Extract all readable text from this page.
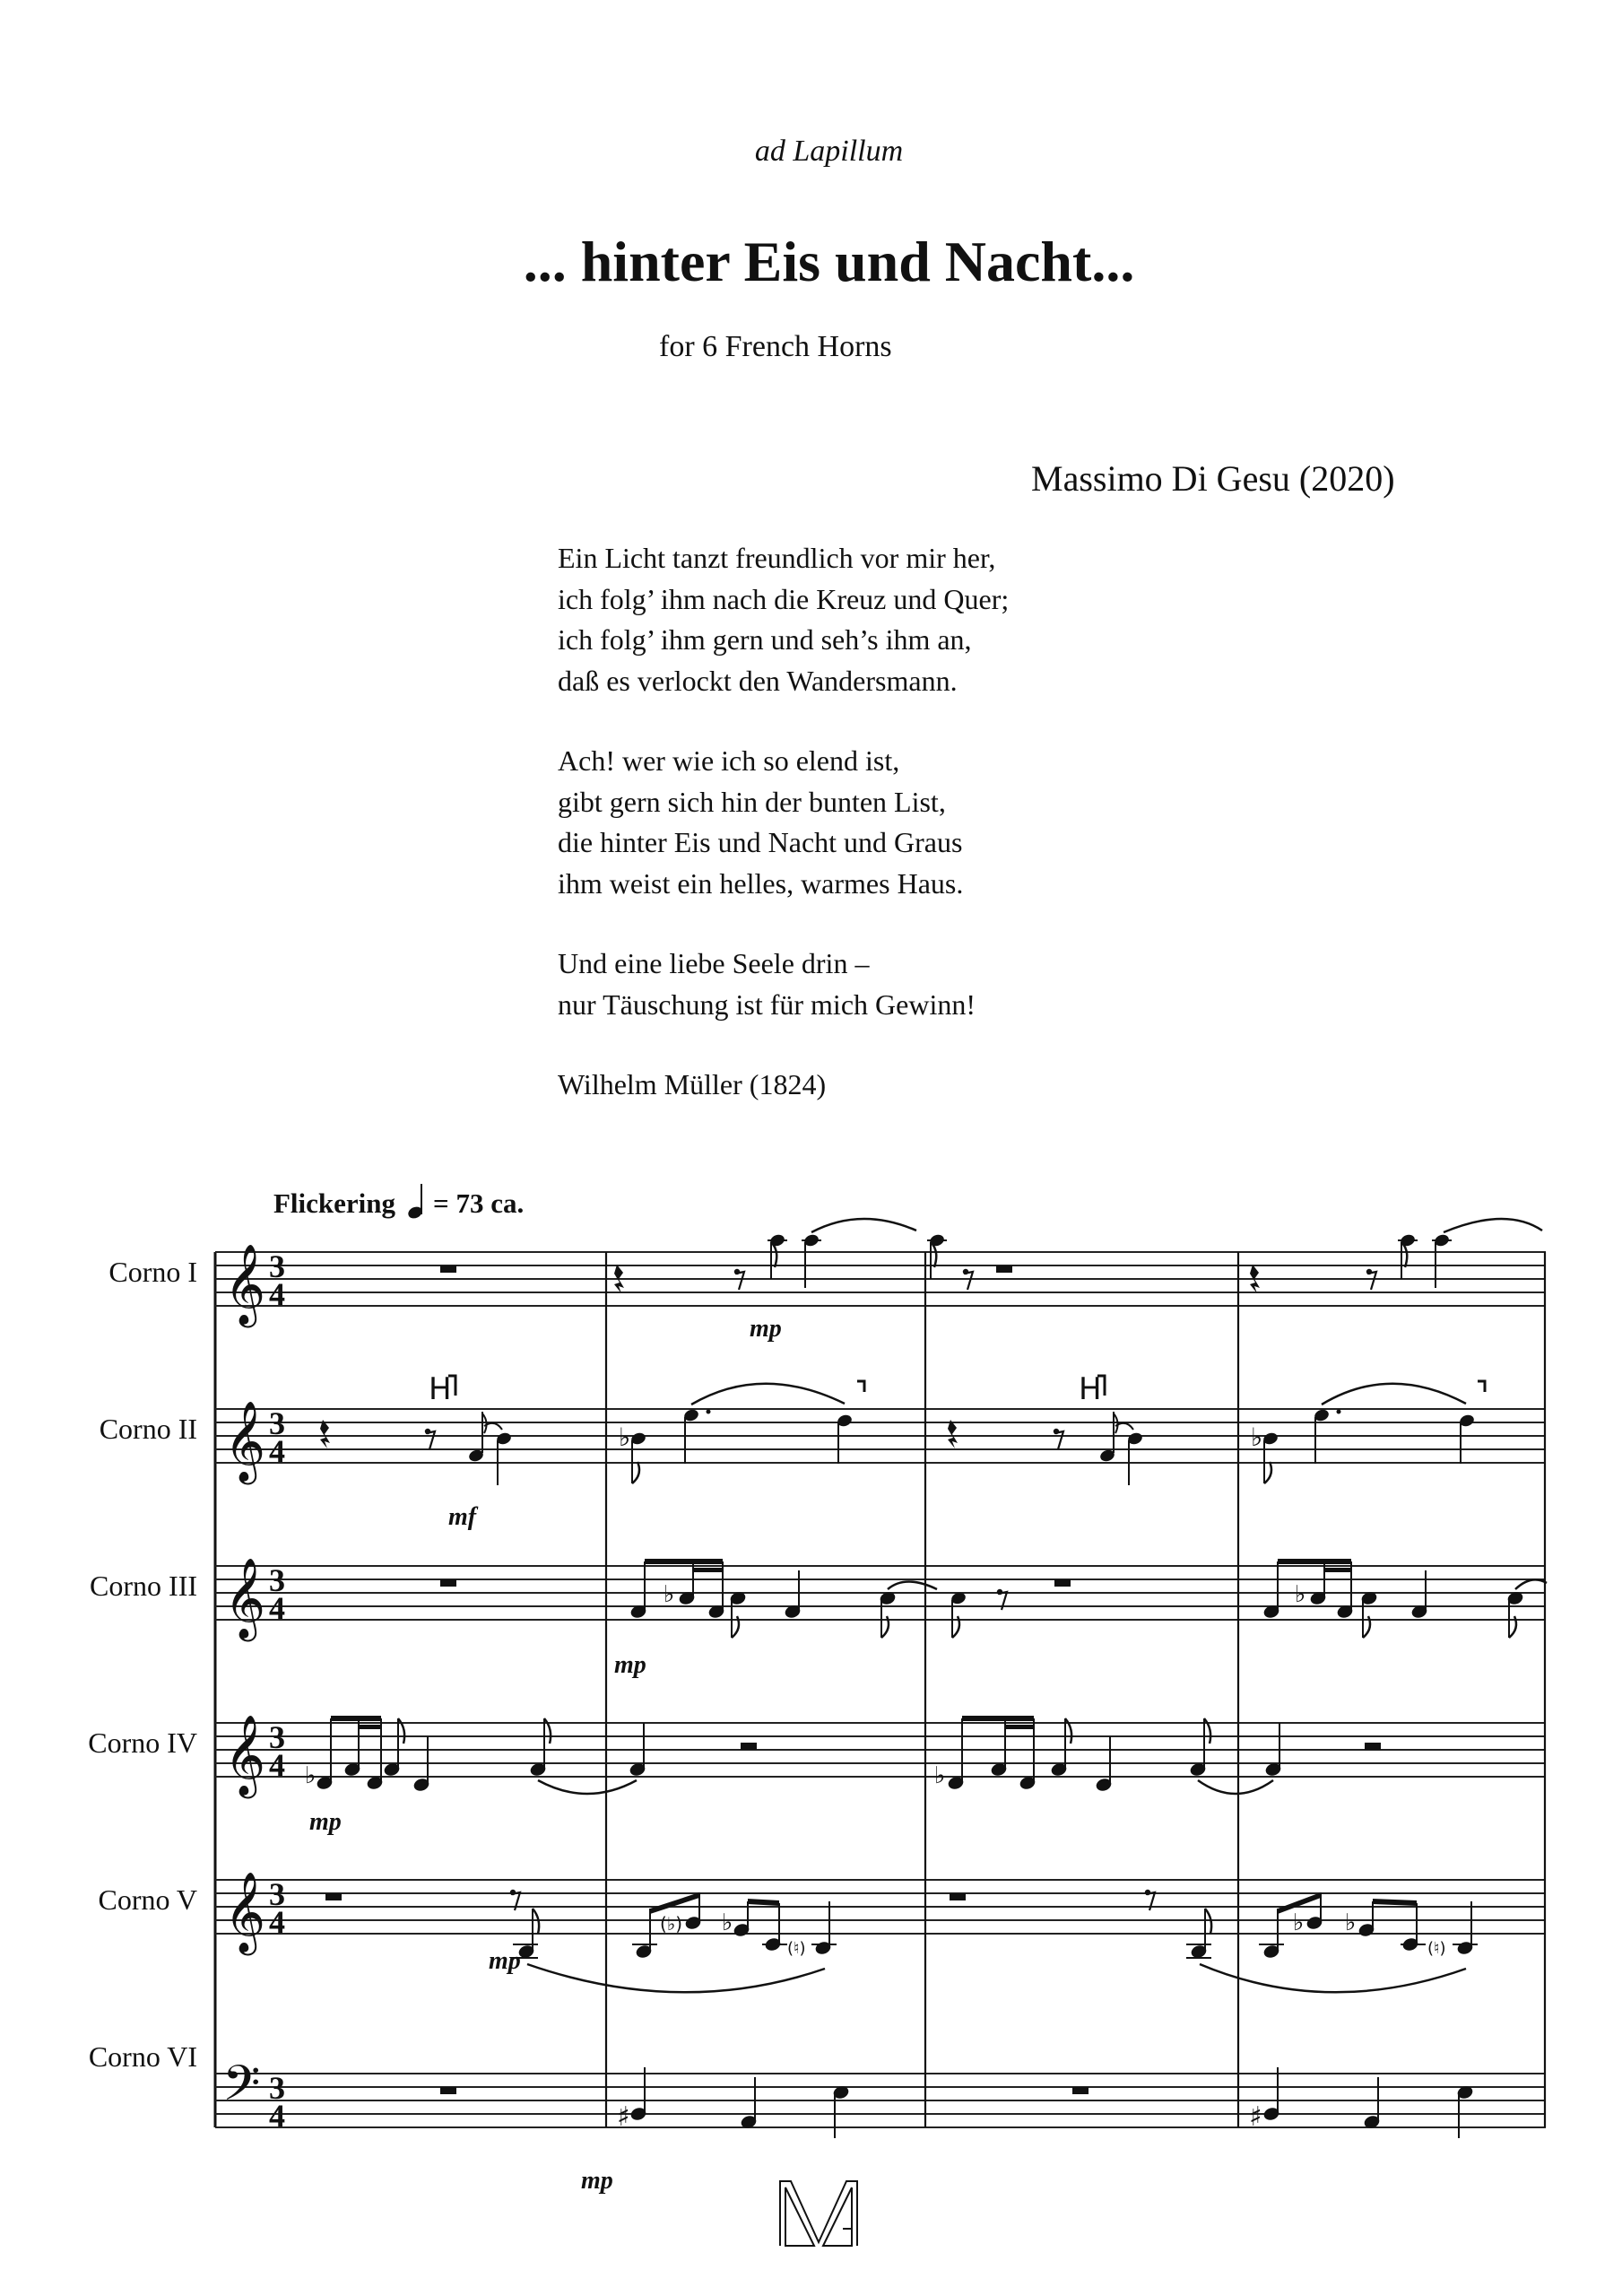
ad Lapillum
... hinter Eis und Nacht...
for 6 French Horns
Massimo Di Gesu (2020)
Ein Licht tanzt freundlich vor mir her,
ich folg’ ihm nach die Kreuz und Quer;
ich folg’ ihm gern und seh’s ihm an,
daß es verlockt den Wandersmann.
Ach! wer wie ich so elend ist,
gibt gern sich hin der bunten List,
die hinter Eis und Nacht und Graus
ihm weist ein helles, warmes Haus.
Und eine liebe Seele drin –
nur Täuschung ist für mich Gewinn!
Wilhelm Müller (1824)
Flickering = 73 ca.
Corno I
Corno II
Corno III
Corno IV
Corno V
Corno VI
𝄞
𝄞
𝄞
𝄞
𝄞
𝄢
3
4
3
4
3
4
3
4
3
4
3
4
mp
H
mf
♭
H
♭
♭
mp
♭
♭
mp
♭
(♭) ♭
(♮)
mp
♭ ♭
(♮)
♯
mp
♯
